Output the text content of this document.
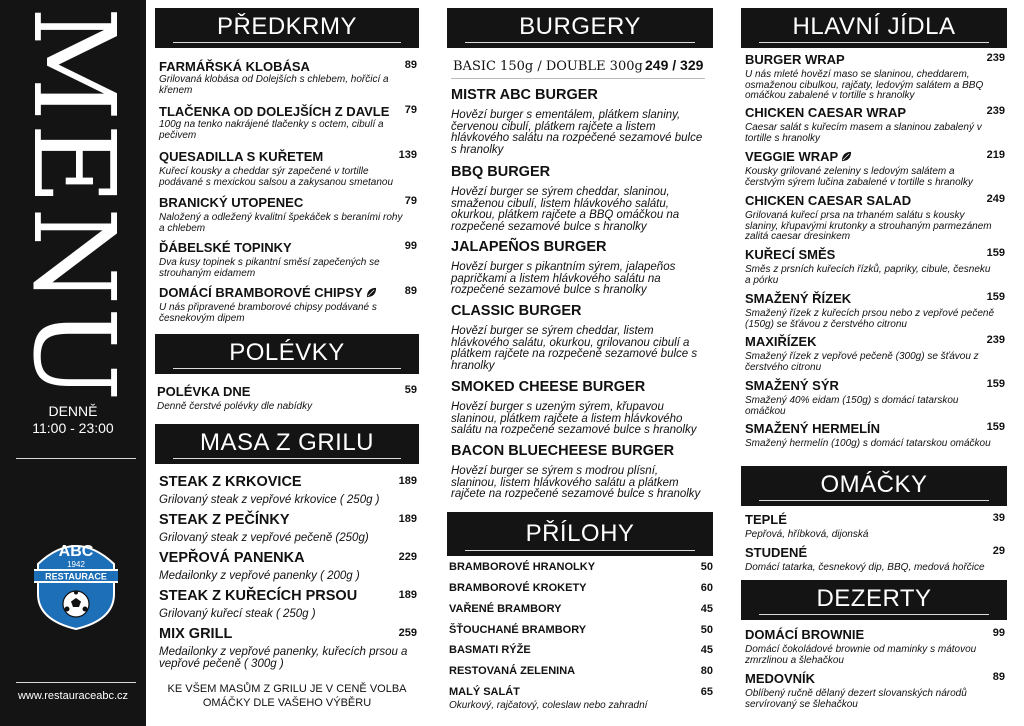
MENU
DENNĚ
11:00 - 23:00
ABC
1942
RESTAURACE
www.restauraceabc.cz
PŘEDKRMY
FARMÁŘSKÁ KLOBÁSA	89
Grilovaná klobása od Dolejších s chlebem, hořčicí a křenem
TLAČENKA OD DOLEJŠÍCH Z DAVLE 79
100g na tenko nakrájené tlačenky s octem, cibulí a pečivem
QUESADILLA S KUŘETEM	139
Kuřecí kousky a cheddar sýr zapečené v tortille podávané s mexickou salsou a zakysanou smetanou
BRANICKÝ UTOPENEC	79
Naložený a odležený kvalitní špekáček s beraními rohy a chlebem
ĎÁBELSKÉ TOPINKY	99
Dva kusy topinek s pikantní směsí zapečených se strouhaným eidamem
DOMÁCÍ BRAMBOROVÉ CHIPSY	89
U nás připravené bramborové chipsy podávané s česnekovým dipem
POLÉVKY
POLÉVKA DNE	59
Denně čerstvé polévky dle nabídky
MASA Z GRILU
STEAK Z KRKOVICE	189
Grilovaný steak z vepřové krkovice ( 250g )
STEAK Z PEČÍNKY	189
Grilovaný steak z vepřové pečeně (250g)
VEPŘOVÁ PANENKA	229
Medailonky z vepřové panenky ( 200g )
STEAK Z KUŘECÍCH PRSOU	189
Grilovaný kuřecí steak ( 250g )
MIX GRILL	259
Medailonky z vepřové panenky, kuřecích prsou a vepřové pečeně ( 300g )
KE VŠEM MASŮM Z GRILU JE V CENĚ VOLBA
OMÁČKY DLE VAŠEHO VÝBĚRU
BURGERY
BASIC 150g / DOUBLE 300g 249 / 329
MISTR ABC BURGER
Hovězí burger s ementálem, plátkem slaniny, červenou cibulí, plátkem rajčete a listem hlávkového salátu na rozpečené sezamové bulce s hranolky
BBQ BURGER
Hovězí burger se sýrem cheddar, slaninou, smaženou cibulí, listem hlávkového salátu, okurkou, plátkem rajčete a BBQ omáčkou na rozpečené sezamové bulce s hranolky
JALAPEÑOS BURGER
Hovězí burger s pikantním sýrem, jalapeños papričkami a listem hlávkového salátu na rozpečené sezamové bulce s hranolky
CLASSIC BURGER
Hovězí burger se sýrem cheddar, listem hlávkového salátu, okurkou, grilovanou cibulí a plátkem rajčete na rozpečené sezamové bulce s hranolky
SMOKED CHEESE BURGER
Hovězí burger s uzeným sýrem, křupavou slaninou, plátkem rajčete a listem hlávkového salátu na rozpečené sezamové bulce s hranolky
BACON BLUECHEESE BURGER
Hovězí burger se sýrem s modrou plísní, slaninou, listem hlávkového salátu a plátkem rajčete na rozpečené sezamové bulce s hranolky
PŘÍLOHY
BRAMBOROVÉ HRANOLKY	50
BRAMBOROVÉ KROKETY	60
VAŘENÉ BRAMBORY	45
ŠŤOUCHANÉ BRAMBORY	50
BASMATI RÝŽE	45
RESTOVANÁ ZELENINA	80
MALÝ SALÁT	65
Okurkový, rajčatový, coleslaw nebo zahradní
HLAVNÍ JÍDLA
BURGER WRAP	239
U nás mleté hovězí maso se slaninou, cheddarem, osmaženou cibulkou, rajčaty, ledovým salátem a BBQ omáčkou zabalené v tortille s hranolky
CHICKEN CAESAR WRAP	239
Caesar salát s kuřecím masem a slaninou zabalený v tortille s hranolky
VEGGIE WRAP	219
Kousky grilované zeleniny s ledovým salátem a čerstvým sýrem lučina zabalené v tortille s hranolky
CHICKEN CAESAR SALAD	249
Grilovaná kuřecí prsa na trhaném salátu s kousky slaniny, křupavými krutonky a strouhaným parmezánem zalitá caesar dresinkem
KUŘECÍ SMĚS	159
Směs z prsních kuřecích řízků, papriky, cibule, česneku a pórku
SMAŽENÝ ŘÍZEK	159
Smažený řízek z kuřecích prsou nebo z vepřové pečeně (150g) se šťávou z čerstvého citronu
MAXIŘÍZEK	239
Smažený řízek z vepřové pečeně (300g) se šťávou z čerstvého citronu
SMAŽENÝ SÝR	159
Smažený 40% eidam (150g) s domácí tatarskou omáčkou
SMAŽENÝ HERMELÍN	159
Smažený hermelín (100g) s domácí tatarskou omáčkou
OMÁČKY
TEPLÉ	39
Pepřová, hříbková, dijonská
STUDENÉ	29
Domácí tatarka, česnekový dip, BBQ, medová hořčice
DEZERTY
DOMÁCÍ BROWNIE	99
Domácí čokoládové brownie od maminky s mátovou zmrzlinou a šlehačkou
MEDOVNÍK	89
Oblíbený ručně dělaný dezert slovanských národů servírovaný se šlehačkou
